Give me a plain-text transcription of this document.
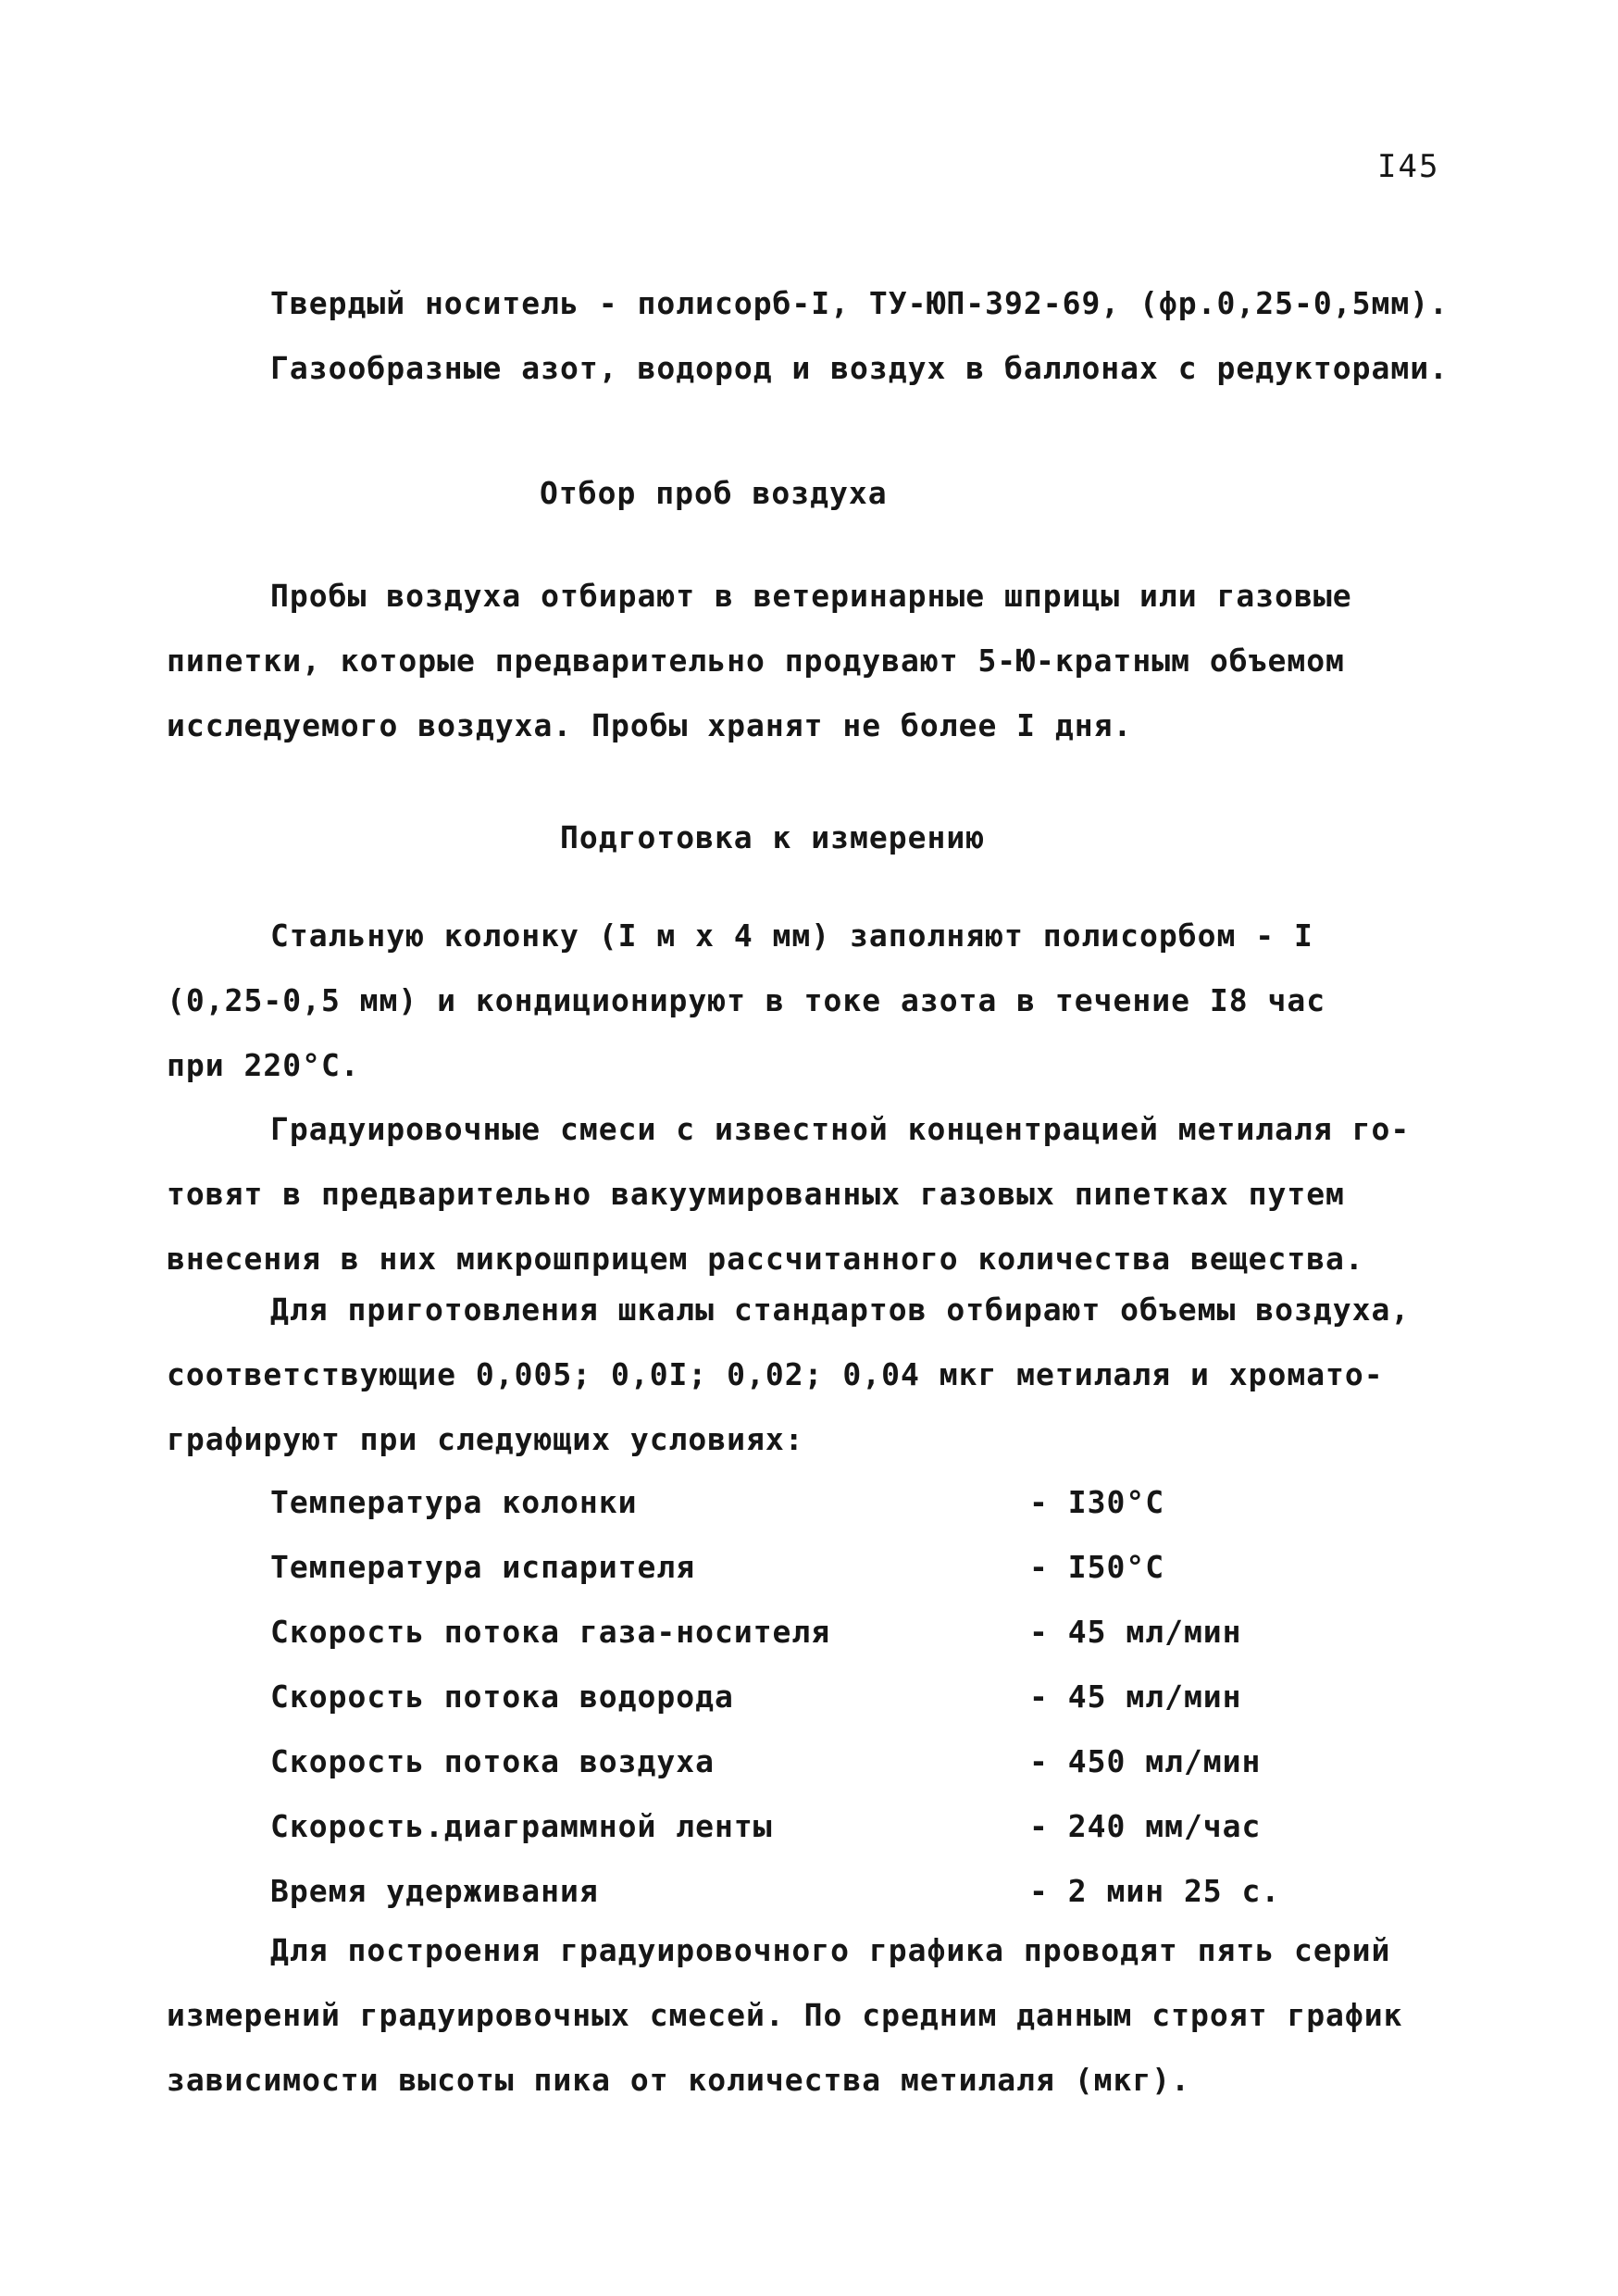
I45
Твердый носитель - полисорб-I, ТУ-ЮП-392-69, (фр.0,25-0,5мм).
Газообразные азот, водород и воздух в баллонах с редукторами.
Отбор проб воздуха
Пробы воздуха отбирают в ветеринарные шприцы или газовые
пипетки, которые предварительно продувают 5-Ю-кратным объемом
исследуемого воздуха. Пробы хранят не более I дня.
Подготовка к измерению
Стальную колонку (I м х 4 мм) заполняют полисорбом - I
(0,25-0,5 мм) и кондиционируют в токе азота в течение I8 час
при 220°С.
Градуировочные смеси с известной концентрацией метилаля го-
товят в предварительно вакуумированных газовых пипетках путем
внесения в них микрошприцем рассчитанного количества вещества.
Для приготовления шкалы стандартов отбирают объемы воздуха,
соответствующие 0,005; 0,0I; 0,02; 0,04 мкг метилаля и хромато-
графируют при следующих условиях:
Температура колонки	- I30°С
Температура испарителя	- I50°С
Скорость потока газа-носителя	- 45 мл/мин
Скорость потока водорода	- 45 мл/мин
Скорость потока воздуха	- 450 мл/мин
Скорость.диаграммной ленты	- 240 мм/час
Время удерживания	- 2 мин 25 с.
Для построения градуировочного графика проводят пять серий
измерений градуировочных смесей. По средним данным строят график
зависимости высоты пика от количества метилаля (мкг).
